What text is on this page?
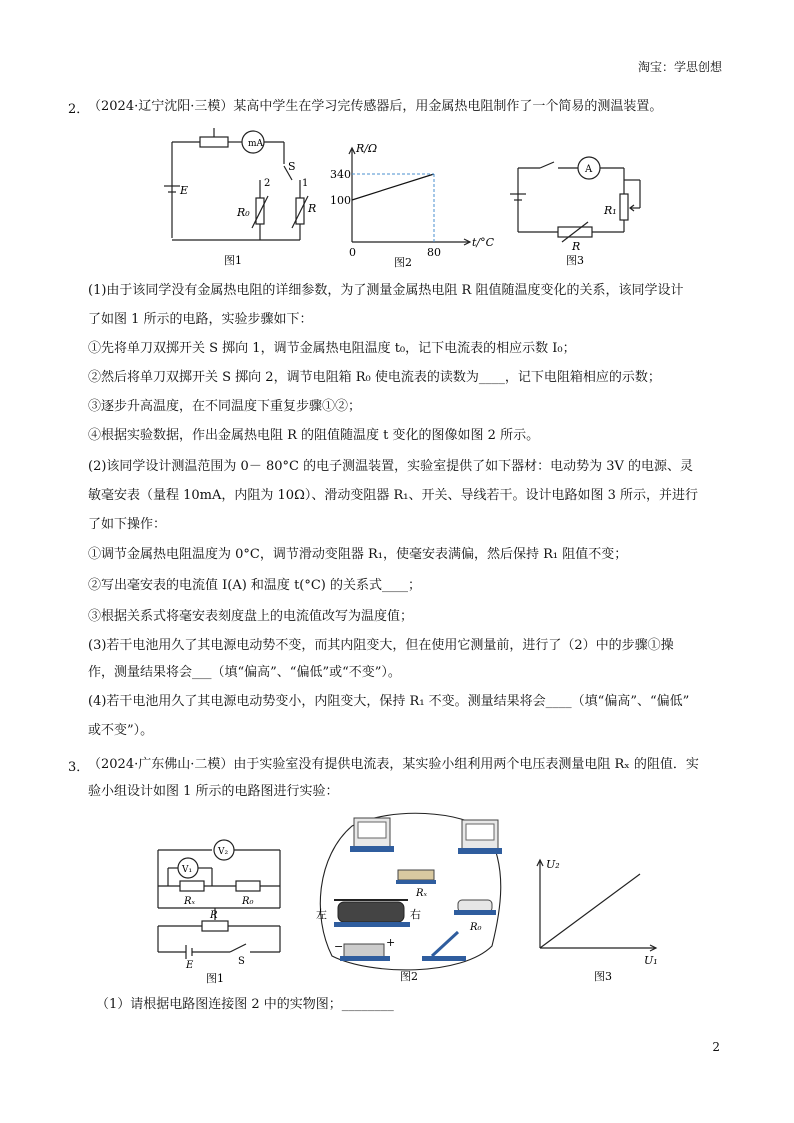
淘宝：学思创想
2．
（2024·辽宁沈阳·三模）某高中学生在学习完传感器后，用金属热电阻制作了一个简易的测温装置。
mA
S
2	1
E
R₀	R
图1
R/Ω
t/°C
340
100
0	80
图2
A
R₁
R
图3
(1)由于该同学没有金属热电阻的详细参数，为了测量金属热电阻 R 阻值随温度变化的关系，该同学设计
了如图 1 所示的电路，实验步骤如下：
①先将单刀双掷开关 S 掷向 1，调节金属热电阻温度 t₀，记下电流表的相应示数 I₀；
②然后将单刀双掷开关 S 掷向 2，调节电阻箱 R₀ 使电流表的读数为____，记下电阻箱相应的示数；
③逐步升高温度，在不同温度下重复步骤①②；
④根据实验数据，作出金属热电阻 R 的阻值随温度 t 变化的图像如图 2 所示。
(2)该同学设计测温范围为 0－ 80°C 的电子测温装置，实验室提供了如下器材：电动势为 3V 的电源、灵
敏毫安表（量程 10mA，内阻为 10Ω）、滑动变阻器 R₁、开关、导线若干。设计电路如图 3 所示，并进行
了如下操作：
①调节金属热电阻温度为 0°C，调节滑动变阻器 R₁，使毫安表满偏，然后保持 R₁ 阻值不变；
②写出毫安表的电流值 I(A) 和温度 t(°C) 的关系式____；
③根据关系式将毫安表刻度盘上的电流值改写为温度值；
(3)若干电池用久了其电源电动势不变，而其内阻变大，但在使用它测量前，进行了（2）中的步骤①操
作，测量结果将会___（填“偏高”、“偏低”或“不变”）。
(4)若干电池用久了其电源电动势变小，内阻变大，保持 R₁ 不变。测量结果将会____（填“偏高”、“偏低”
或不变”）。
3．
（2024·广东佛山·二模）由于实验室没有提供电流表，某实验小组利用两个电压表测量电阻 Rₓ 的阻值．实
验小组设计如图 1 所示的电路图进行实验：
V₂
V₁
Rₓ	R₀
R
E	S
图1
左	右
Rₓ
R₀
+
−
图2
U₂
U₁
图3
（1）请根据电路图连接图 2 中的实物图；________
2
